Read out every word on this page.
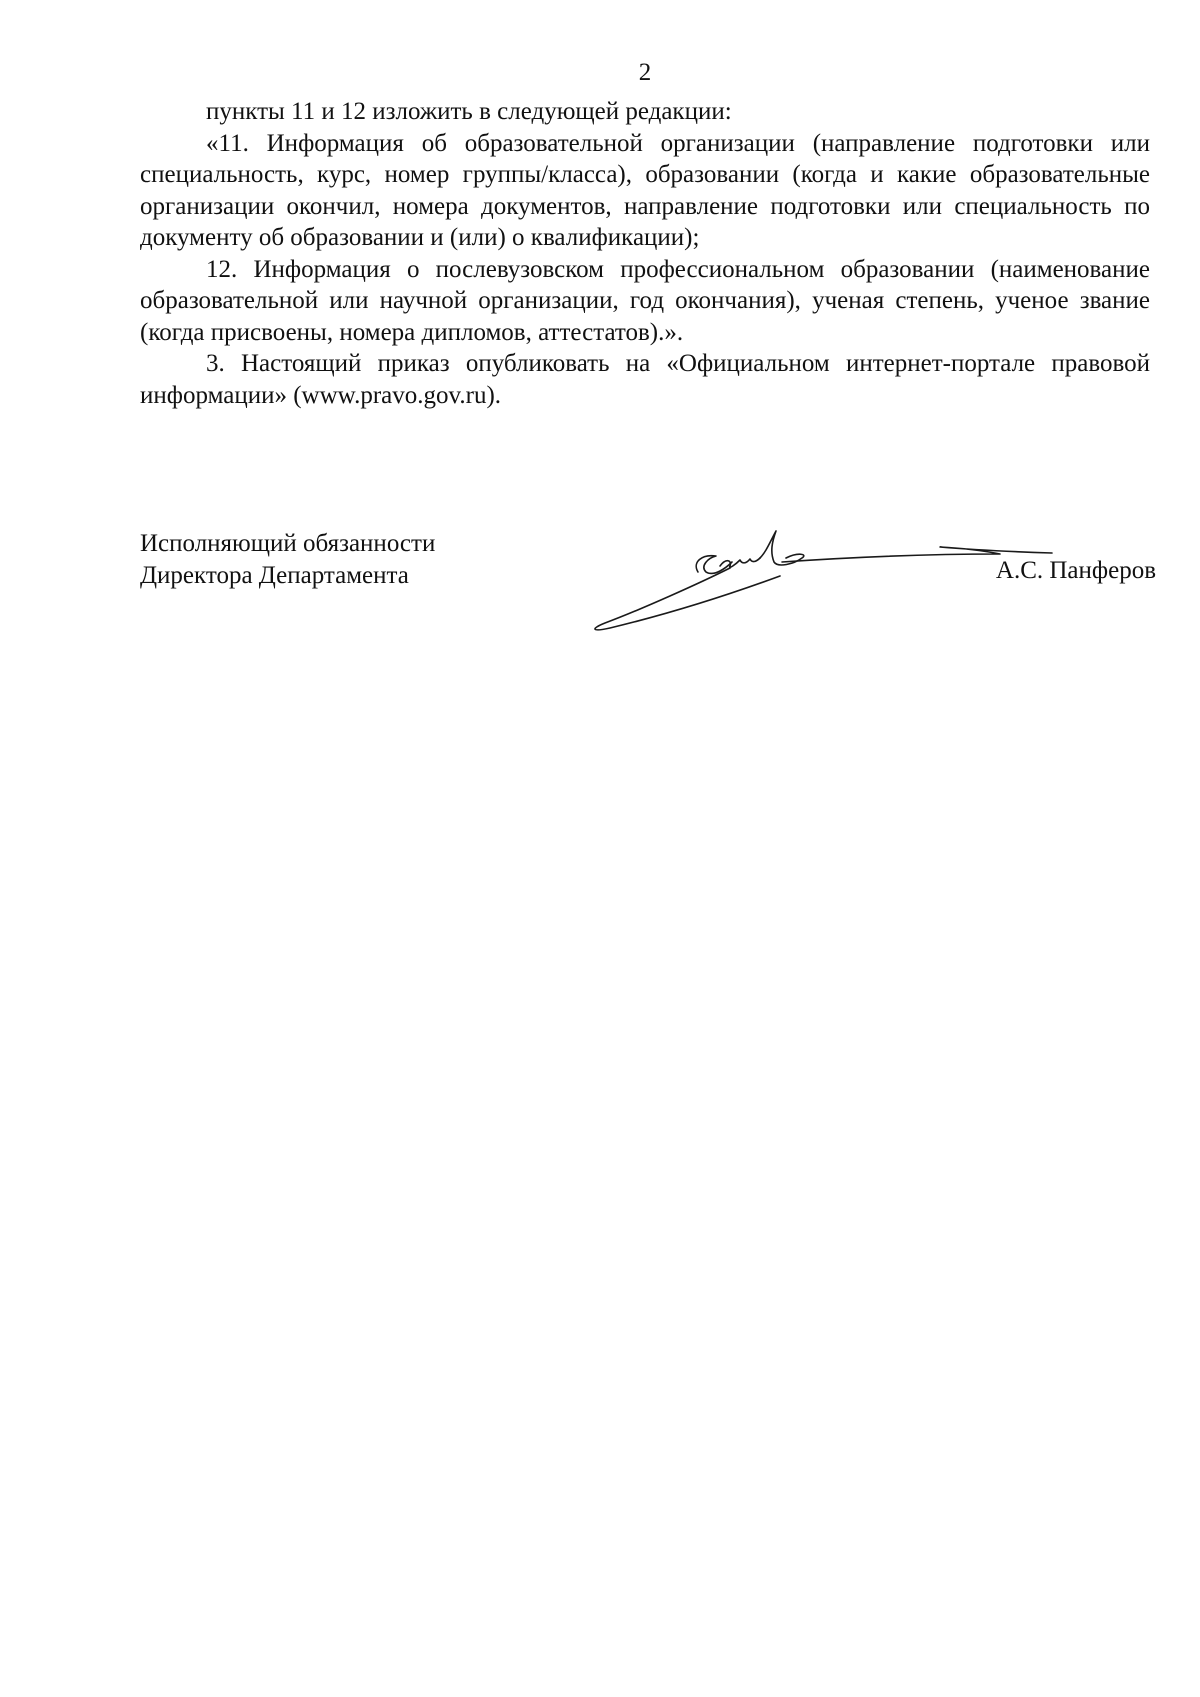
2

пункты 11 и 12 изложить в следующей редакции:

«11. Информация об образовательной организации (направление подготовки или специальность, курс, номер группы/класса), образовании (когда и какие образовательные организации окончил, номера документов, направление подготовки или специальность по документу об образовании и (или) о квалификации);

12. Информация о послевузовском профессиональном образовании (наименование образовательной или научной организации, год окончания), ученая степень, ученое звание (когда присвоены, номера дипломов, аттестатов).».

3. Настоящий приказ опубликовать на «Официальном интернет-портале правовой информации» (www.pravo.gov.ru).

Исполняющий обязанности
Директора Департамента	А.С. Панферов
